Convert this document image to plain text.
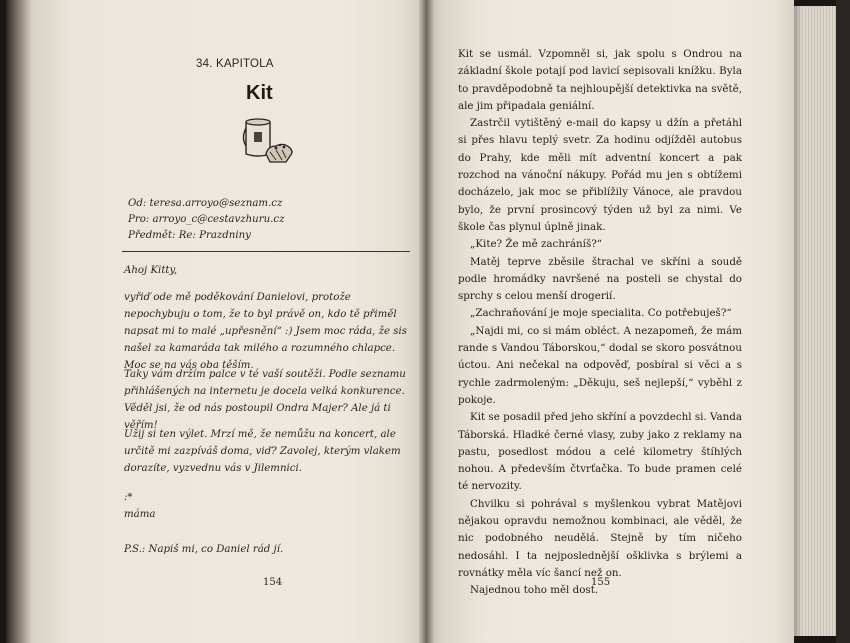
34. KAPITOLA
Kit
Od: teresa.arroyo@seznam.cz
Pro: arroyo_c@cestavzhuru.cz
Předmět: Re: Prazdniny

Ahoj Kitty,

vyřiď ode mě poděkování Danielovi, protože nepochybuju o tom, že to byl právě on, kdo tě přiměl napsat mi to malé „upřesnění“ :) Jsem moc ráda, že sis našel za kamaráda tak milého a rozumného chlapce. Moc se na vás oba těším.

Taky vám držím palce v té vaší soutěži. Podle seznamu přihlášených na internetu je docela velká konkurence. Věděl jsi, že od nás postoupil Ondra Majer? Ale já ti věřím!

Užij si ten výlet. Mrzí mě, že nemůžu na koncert, ale určitě mi zazpíváš doma, viď? Zavolej, kterým vlakem dorazíte, vyzvednu vás v Jilemnici.

:*

máma

P.S.: Napiš mi, co Daniel rád jí.

154

Kit se usmál. Vzpomněl si, jak spolu s Ondrou na základní škole potají pod lavicí sepisovali knížku. Byla to pravděpodobně ta nejhloupější detektivka na světě, ale jim připadala geniální.

Zastrčil vytištěný e-mail do kapsy u džín a přetáhl si přes hlavu teplý svetr. Za hodinu odjížděl autobus do Prahy, kde měli mít adventní koncert a pak rozchod na vánoční nákupy. Pořád mu jen s obtížemi docházelo, jak moc se přiblížily Vánoce, ale pravdou bylo, že první prosincový týden už byl za nimi. Ve škole čas plynul úplně jinak.

„Kite? Že mě zachráníš?“

Matěj teprve zběsile štrachal ve skříni a soudě podle hromádky navršené na posteli se chystal do sprchy s celou menší drogerií.

„Zachraňování je moje specialita. Co potřebuješ?“

„Najdi mi, co si mám obléct. A nezapomeň, že mám rande s Vandou Táborskou,“ dodal se skoro posvátnou úctou. Ani nečekal na odpověď, posbíral si věci a s rychle zadrmoleným: „Děkuju, seš nejlepší,“ vyběhl z pokoje.

Kit se posadil před jeho skříní a povzdechl si. Vanda Táborská. Hladké černé vlasy, zuby jako z reklamy na pastu, posedlost módou a celé kilometry štíhlých nohou. A především čtvrťačka. To bude pramen celé té nervozity.

Chvilku si pohrával s myšlenkou vybrat Matějovi nějakou opravdu nemožnou kombinaci, ale věděl, že nic podobného neudělá. Stejně by tím ničeho nedosáhl. I ta nejposlednější ošklivka s brýlemi a rovnátky měla víc šancí než on.

Najednou toho měl dost.

155
